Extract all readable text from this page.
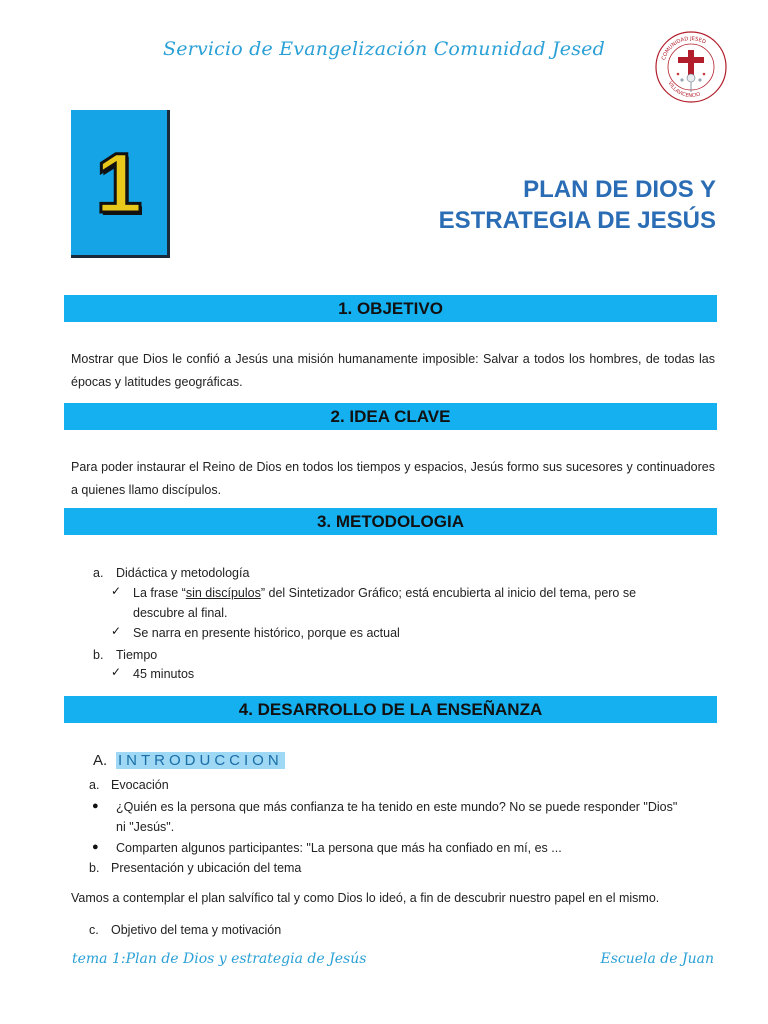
Servicio de Evangelización Comunidad Jesed	COMUNIDAD JESED
VILLAVICENCIO
1	PLAN DE DIOS Y
ESTRATEGIA DE JESÚS
1. OBJETIVO
Mostrar que Dios le confió a Jesús una misión humanamente imposible: Salvar a todos los hombres, de todas las épocas y latitudes geográficas.
2. IDEA CLAVE
Para poder instaurar el Reino de Dios en todos los tiempos y espacios, Jesús formo sus sucesores y continuadores a quienes llamo discípulos.
3. METODOLOGIA
a. Didáctica y metodología
✓ La frase “sin discípulos” del Sintetizador Gráfico; está encubierta al inicio del tema, pero se
descubre al final.
✓ Se narra en presente histórico, porque es actual
b. Tiempo
✓ 45 minutos
4. DESARROLLO DE LA ENSEÑANZA
A. INTRODUCCION
a. Evocación
● ¿Quién es la persona que más confianza te ha tenido en este mundo? No se puede responder "Dios"
ni "Jesús".
● Comparten algunos participantes: "La persona que más ha confiado en mí, es ...
b. Presentación y ubicación del tema
Vamos a contemplar el plan salvífico tal y como Dios lo ideó, a fin de descubrir nuestro papel en el mismo.
c. Objetivo del tema y motivación
tema 1:Plan de Dios y estrategia de Jesús	Escuela de Juan
